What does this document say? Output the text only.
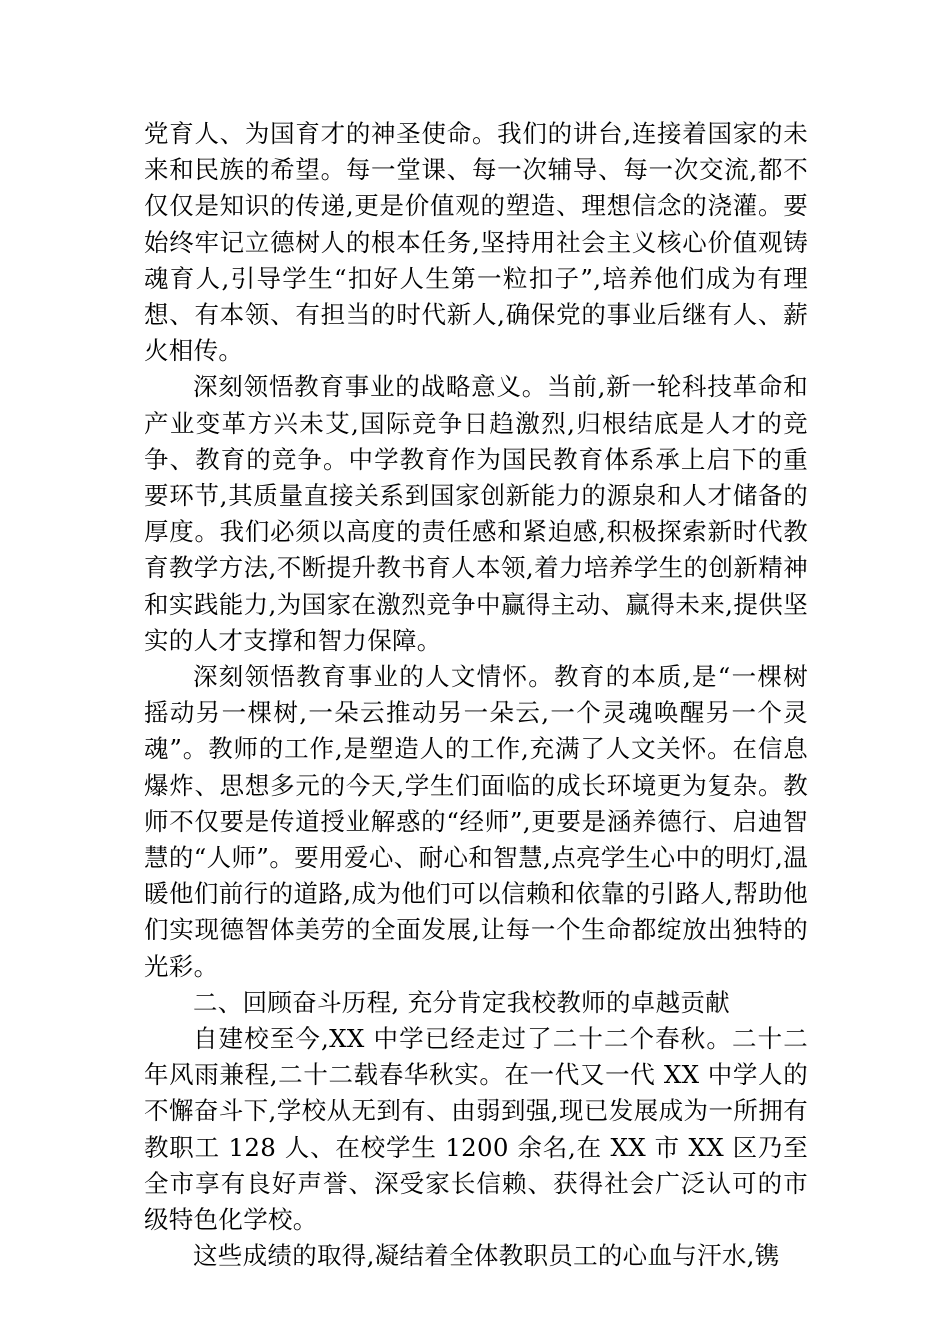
党育人、为国育才的神圣使命。我们的讲台,连接着国家的未来和民族的希望。每一堂课、每一次辅导、每一次交流,都不仅仅是知识的传递,更是价值观的塑造、理想信念的浇灌。要始终牢记立德树人的根本任务,坚持用社会主义核心价值观铸魂育人,引导学生“扣好人生第一粒扣子”,培养他们成为有理想、有本领、有担当的时代新人,确保党的事业后继有人、薪火相传。

深刻领悟教育事业的战略意义。当前,新一轮科技革命和产业变革方兴未艾,国际竞争日趋激烈,归根结底是人才的竞争、教育的竞争。中学教育作为国民教育体系承上启下的重要环节,其质量直接关系到国家创新能力的源泉和人才储备的厚度。我们必须以高度的责任感和紧迫感,积极探索新时代教育教学方法,不断提升教书育人本领,着力培养学生的创新精神和实践能力,为国家在激烈竞争中赢得主动、赢得未来,提供坚实的人才支撑和智力保障。

深刻领悟教育事业的人文情怀。教育的本质,是“一棵树摇动另一棵树,一朵云推动另一朵云,一个灵魂唤醒另一个灵魂”。教师的工作,是塑造人的工作,充满了人文关怀。在信息爆炸、思想多元的今天,学生们面临的成长环境更为复杂。教师不仅要是传道授业解惑的“经师”,更要是涵养德行、启迪智慧的“人师”。要用爱心、耐心和智慧,点亮学生心中的明灯,温暖他们前行的道路,成为他们可以信赖和依靠的引路人,帮助他们实现德智体美劳的全面发展,让每一个生命都绽放出独特的光彩。

二、回顾奋斗历程, 充分肯定我校教师的卓越贡献

自建校至今,XX 中学已经走过了二十二个春秋。二十二年风雨兼程,二十二载春华秋实。在一代又一代 XX 中学人的不懈奋斗下,学校从无到有、由弱到强,现已发展成为一所拥有教职工 128 人、在校学生 1200 余名,在 XX 市 XX 区乃至全市享有良好声誉、深受家长信赖、获得社会广泛认可的市级特色化学校。

这些成绩的取得,凝结着全体教职员工的心血与汗水,镌
